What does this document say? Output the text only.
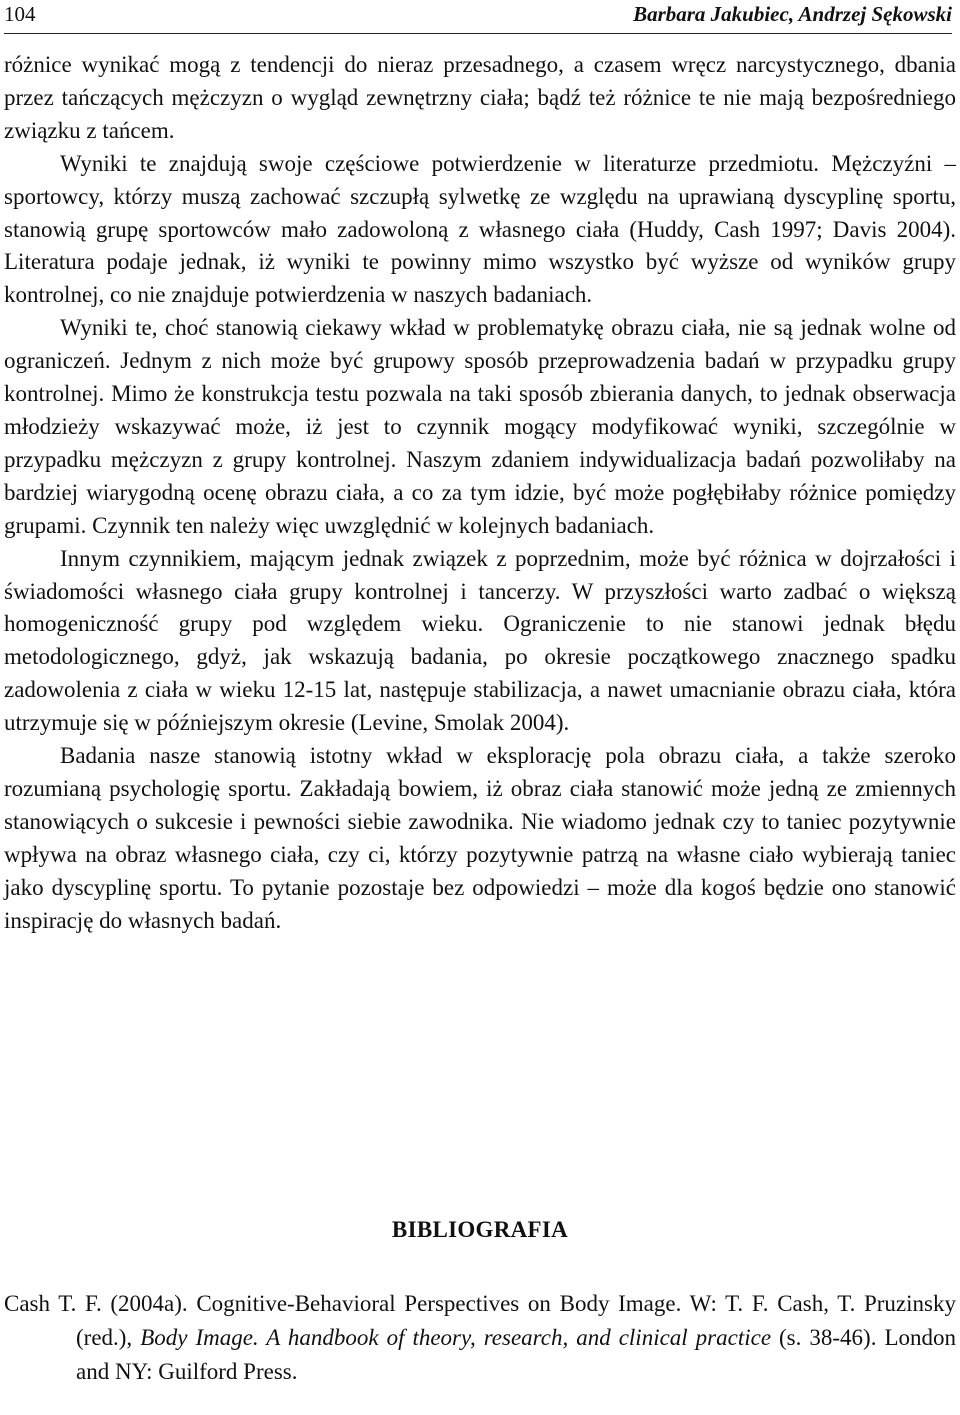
104	Barbara Jakubiec, Andrzej Sękowski

różnice wynikać mogą z tendencji do nieraz przesadnego, a czasem wręcz narcystycznego, dbania przez tańczących mężczyzn o wygląd zewnętrzny ciała; bądź też różnice te nie mają bezpośredniego związku z tańcem.

Wyniki te znajdują swoje częściowe potwierdzenie w literaturze przedmiotu. Mężczyźni – sportowcy, którzy muszą zachować szczupłą sylwetkę ze względu na uprawianą dyscyplinę sportu, stanowią grupę sportowców mało zadowoloną z własnego ciała (Huddy, Cash 1997; Davis 2004). Literatura podaje jednak, iż wyniki te powinny mimo wszystko być wyższe od wyników grupy kontrolnej, co nie znajduje potwierdzenia w naszych badaniach.

Wyniki te, choć stanowią ciekawy wkład w problematykę obrazu ciała, nie są jednak wolne od ograniczeń. Jednym z nich może być grupowy sposób przeprowadzenia badań w przypadku grupy kontrolnej. Mimo że konstrukcja testu pozwala na taki sposób zbierania danych, to jednak obserwacja młodzieży wskazywać może, iż jest to czynnik mogący modyfikować wyniki, szczególnie w przypadku mężczyzn z grupy kontrolnej. Naszym zdaniem indywidualizacja badań pozwoliłaby na bardziej wiarygodną ocenę obrazu ciała, a co za tym idzie, być może pogłębiłaby różnice pomiędzy grupami. Czynnik ten należy więc uwzględnić w kolejnych badaniach.

Innym czynnikiem, mającym jednak związek z poprzednim, może być różnica w dojrzałości i świadomości własnego ciała grupy kontrolnej i tancerzy. W przyszłości warto zadbać o większą homogeniczność grupy pod względem wieku. Ograniczenie to nie stanowi jednak błędu metodologicznego, gdyż, jak wskazują badania, po okresie początkowego znacznego spadku zadowolenia z ciała w wieku 12-15 lat, następuje stabilizacja, a nawet umacnianie obrazu ciała, która utrzymuje się w późniejszym okresie (Levine, Smolak 2004).

Badania nasze stanowią istotny wkład w eksplorację pola obrazu ciała, a także szeroko rozumianą psychologię sportu. Zakładają bowiem, iż obraz ciała stanowić może jedną ze zmiennych stanowiących o sukcesie i pewności siebie zawodnika. Nie wiadomo jednak czy to taniec pozytywnie wpływa na obraz własnego ciała, czy ci, którzy pozytywnie patrzą na własne ciało wybierają taniec jako dyscyplinę sportu. To pytanie pozostaje bez odpowiedzi – może dla kogoś będzie ono stanowić inspirację do własnych badań.

BIBLIOGRAFIA
Cash T. F. (2004a). Cognitive-Behavioral Perspectives on Body Image. W: T. F. Cash, T. Pruzinsky (red.), Body Image. A handbook of theory, research, and clinical practice (s. 38-46). London and NY: Guilford Press.
